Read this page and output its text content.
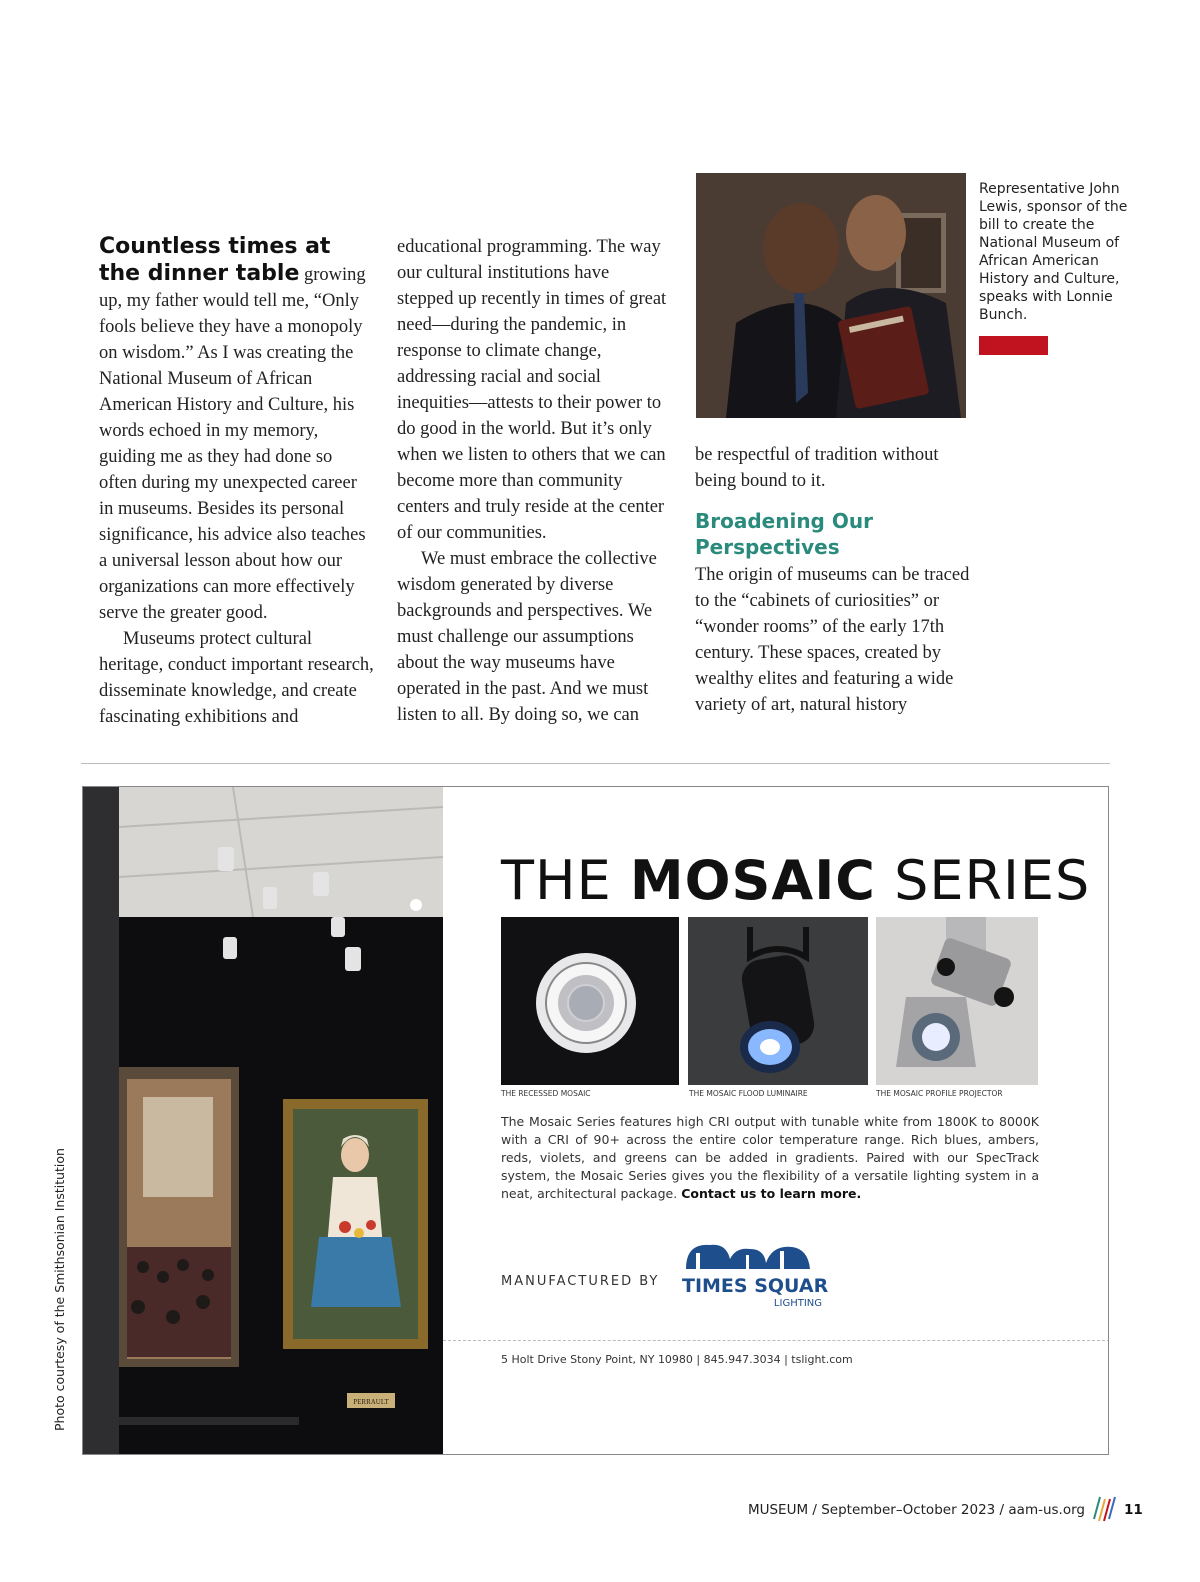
Countless times at the dinner table growing up, my father would tell me, “Only fools believe they have a monopoly on wisdom.” As I was creating the National Museum of African American History and Culture, his words echoed in my memory, guiding me as they had done so often during my unexpected career in museums. Besides its personal significance, his advice also teaches a universal lesson about how our organizations can more effectively serve the greater good.

Museums protect cultural heritage, conduct important research, disseminate knowledge, and create fascinating exhibitions and

educational programming. The way our cultural institutions have stepped up recently in times of great need—during the pandemic, in response to climate change, addressing racial and social inequities—attests to their power to do good in the world. But it’s only when we listen to others that we can become more than community centers and truly reside at the center of our communities.

We must embrace the collective wisdom generated by diverse backgrounds and perspectives. We must challenge our assumptions about the way museums have operated in the past. And we must listen to all. By doing so, we can

Representative John Lewis, sponsor of the bill to create the National Museum of African American History and Culture, speaks with Lonnie Bunch.

be respectful of tradition without being bound to it.

Broadening Our Perspectives

The origin of museums can be traced to the “cabinets of curiosities” or “wonder rooms” of the early 17th century. These spaces, created by wealthy elites and featuring a wide variety of art, natural history

PERRAULT
THE MOSAIC SERIES
THE RECESSED MOSAIC	THE MOSAIC FLOOD LUMINAIRE	THE MOSAIC PROFILE PROJECTOR
The Mosaic Series features high CRI output with tunable white from 1800K to 8000K with a CRI of 90+ across the entire color temperature range. Rich blues, ambers, reds, violets, and greens can be added in gradients. Paired with our SpecTrack system, the Mosaic Series gives you the flexibility of a versatile lighting system in a neat, architectural package. Contact us to learn more.
MANUFACTURED BY TIMES SQUARE
LIGHTING
5 Holt Drive Stony Point, NY 10980 | 845.947.3034 | tslight.com
Photo courtesy of the Smithsonian Institution
MUSEUM / September–October 2023 / aam-us.org	11
